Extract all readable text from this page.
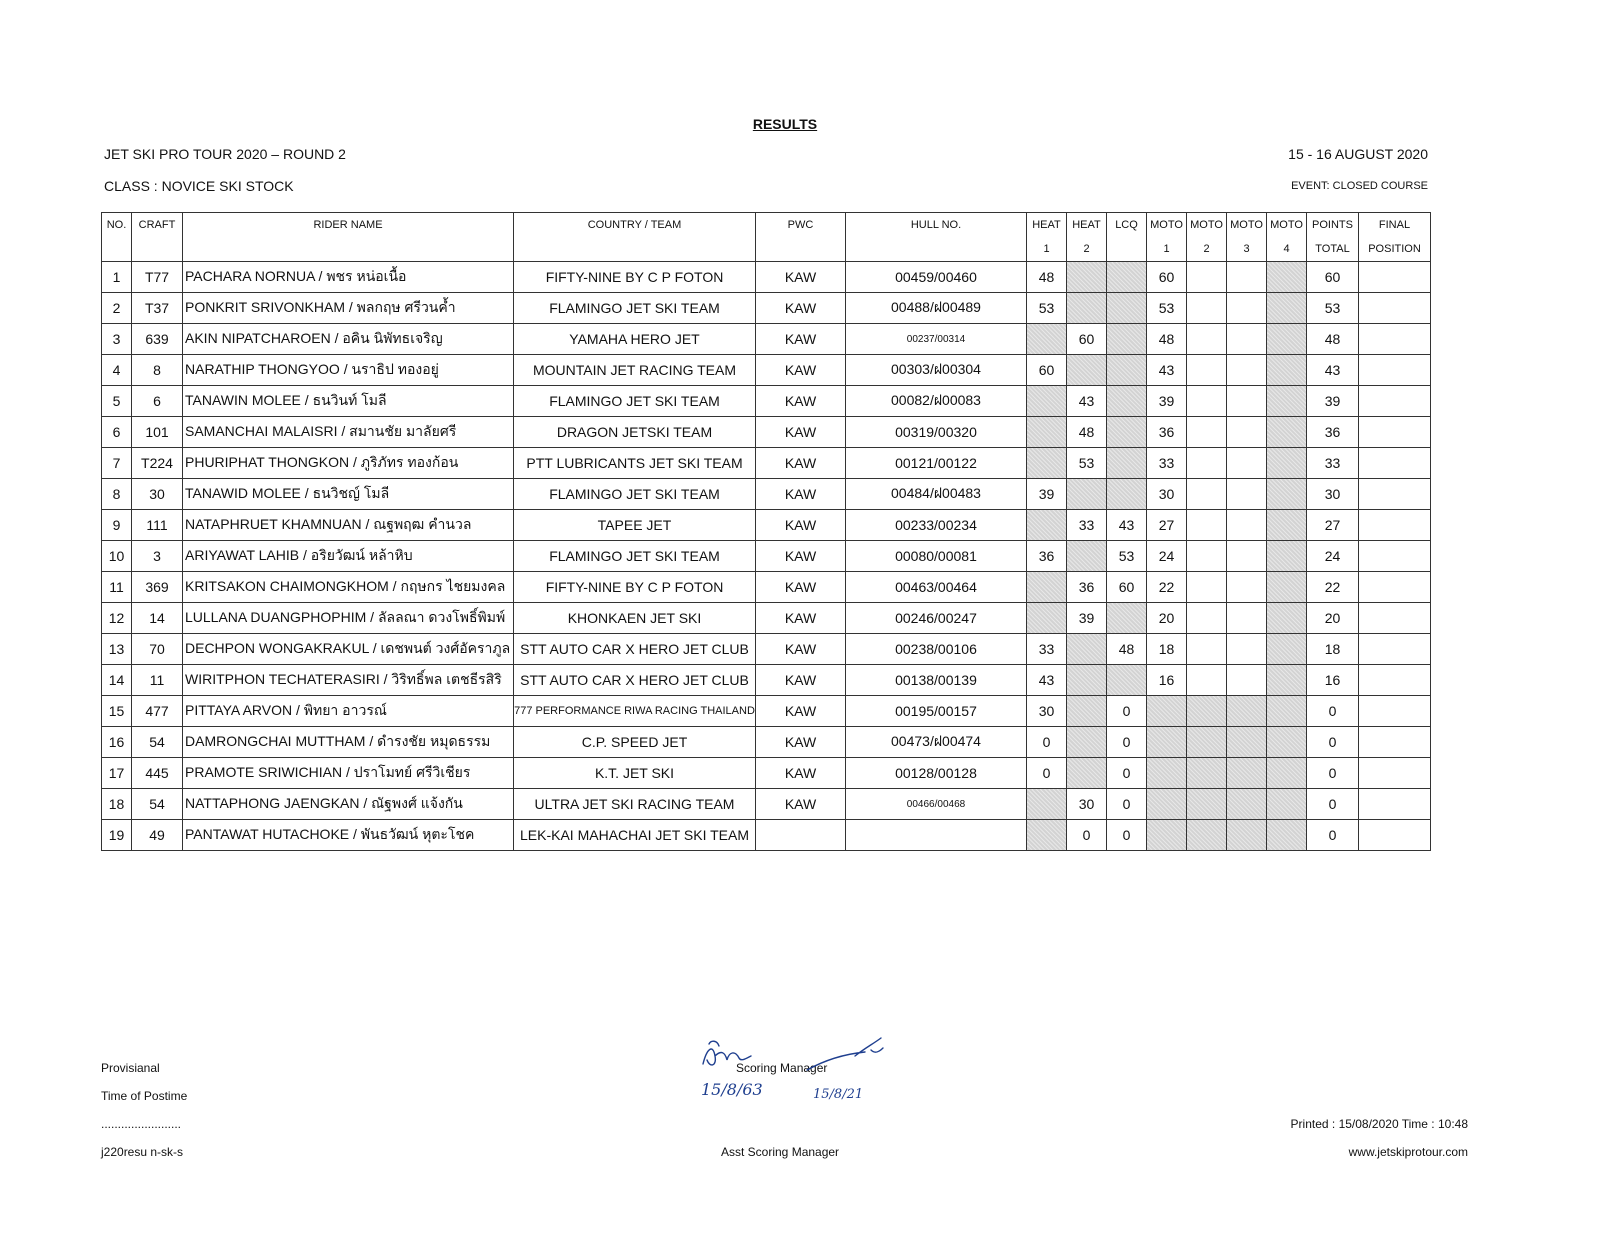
RESULTS
JET SKI PRO TOUR 2020 – ROUND 2	15 - 16 AUGUST 2020
CLASS : NOVICE SKI STOCK	EVENT: CLOSED COURSE
NO.	CRAFT	RIDER NAME	COUNTRY / TEAM	PWC	HULL NO.	HEAT	HEAT	LCQ	MOTO	MOTO	MOTO	MOTO	POINTS	FINAL
						1	2		1	2	3	4	TOTAL	POSITION
1	T77	PACHARA NORNUA / พชร หน่อเนื้อ	FIFTY-NINE BY C P FOTON	KAW	00459/00460	48			60				60	
2	T37	PONKRIT SRIVONKHAM / พลกฤษ ศรีวนค้ำ	FLAMINGO JET SKI TEAM	KAW	00488/ฝ00489	53			53				53	
3	639	AKIN NIPATCHAROEN / อคิน นิพัทธเจริญ	YAMAHA HERO JET	KAW	00237/00314		60		48				48	
4	8	NARATHIP THONGYOO / นราธิป ทองอยู่	MOUNTAIN JET RACING TEAM	KAW	00303/ฝ00304	60			43				43	
5	6	TANAWIN MOLEE / ธนวินท์ โมลี	FLAMINGO JET SKI TEAM	KAW	00082/ฝ00083		43		39				39	
6	101	SAMANCHAI MALAISRI / สมานชัย มาลัยศรี	DRAGON JETSKI TEAM	KAW	00319/00320		48		36				36	
7	T224	PHURIPHAT THONGKON / ภูริภัทร ทองก้อน	PTT LUBRICANTS JET SKI TEAM	KAW	00121/00122		53		33				33	
8	30	TANAWID MOLEE / ธนวิชญ์ โมลี	FLAMINGO JET SKI TEAM	KAW	00484/ฝ00483	39			30				30	
9	111	NATAPHRUET KHAMNUAN / ณฐพฤฒ คำนวล	TAPEE JET	KAW	00233/00234		33	43	27				27	
10	3	ARIYAWAT LAHIB / อริยวัฒน์ หล้าหิบ	FLAMINGO JET SKI TEAM	KAW	00080/00081	36		53	24				24	
11	369	KRITSAKON CHAIMONGKHOM / กฤษกร ไชยมงคล	FIFTY-NINE BY C P FOTON	KAW	00463/00464		36	60	22				22	
12	14	LULLANA DUANGPHOPHIM / ลัลลณา ดวงโพธิ์พิมพ์	KHONKAEN JET SKI	KAW	00246/00247		39		20				20	
13	70	DECHPON WONGAKRAKUL / เดชพนต์ วงศ์อัคราภูล	STT AUTO CAR X HERO JET CLUB	KAW	00238/00106	33		48	18				18	
14	11	WIRITPHON TECHATERASIRI / วิริทธิ์พล เตชธีรสิริ	STT AUTO CAR X HERO JET CLUB	KAW	00138/00139	43			16				16	
15	477	PITTAYA ARVON / พิทยา อาวรณ์	777 PERFORMANCE RIWA RACING THAILAND	KAW	00195/00157	30		0					0	
16	54	DAMRONGCHAI MUTTHAM / ดำรงชัย หมุดธรรม	C.P. SPEED JET	KAW	00473/ฝ00474	0		0					0	
17	445	PRAMOTE SRIWICHIAN / ปราโมทย์ ศรีวิเชียร	K.T. JET SKI	KAW	00128/00128	0		0					0	
18	54	NATTAPHONG JAENGKAN / ณัฐพงศ์ แจ้งกัน	ULTRA JET SKI RACING TEAM	KAW	00466/00468		30	0					0	
19	49	PANTAWAT HUTACHOKE / พันธวัฒน์ หุตะโชค	LEK-KAI MAHACHAI JET SKI TEAM				0	0					0	
Provisianal
Time of Postime
........................
j220resu n-sk-s
Scoring Manager
Asst Scoring Manager
Printed : 15/08/2020 Time : 10:48
www.jetskiprotour.com
15/8/63	15/8/21
